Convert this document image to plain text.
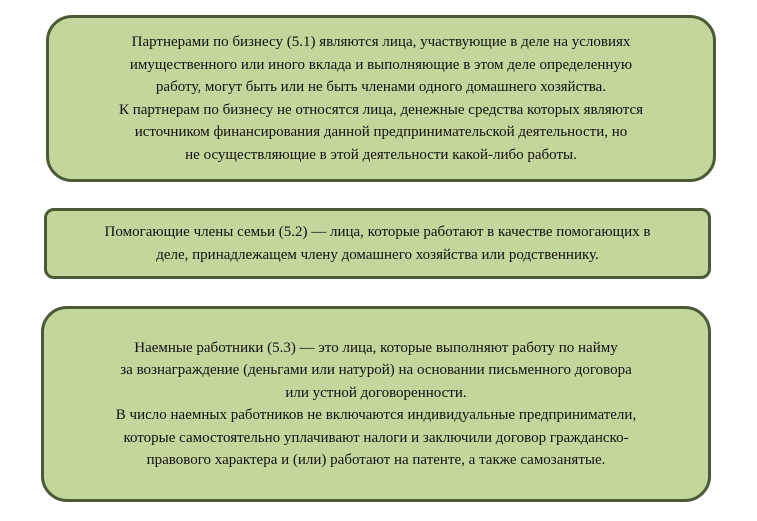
Партнерами по бизнесу (5.1) являются лица, участвующие в деле на условиях
имущественного или иного вклада и выполняющие в этом деле определенную
работу, могут быть или не быть членами одного домашнего хозяйства.
К партнерам по бизнесу не относятся лица, денежные средства которых являются
источником финансирования данной предпринимательской деятельности, но
не осуществляющие в этой деятельности какой-либо работы.
Помогающие члены семьи (5.2) — лица, которые работают в качестве помогающих в
деле, принадлежащем члену домашнего хозяйства или родственнику.
Наемные работники (5.3) — это лица, которые выполняют работу по найму
за вознаграждение (деньгами или натурой) на основании письменного договора
или устной договоренности.
В число наемных работников не включаются индивидуальные предприниматели,
которые самостоятельно уплачивают налоги и заключили договор гражданско-
правового характера и (или) работают на патенте, а также самозанятые.
